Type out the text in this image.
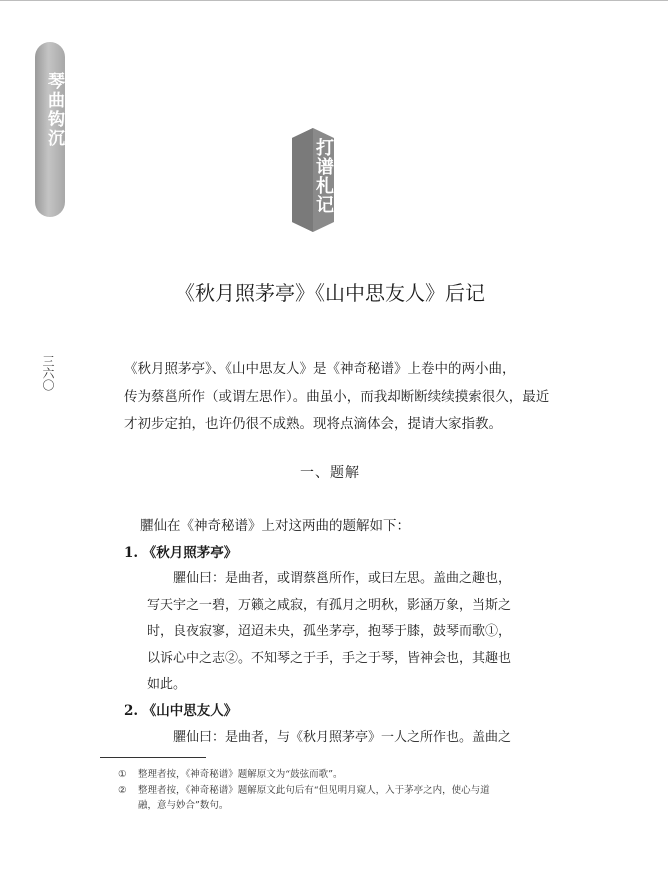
琴曲钩沉
打谱札记
三六〇
《秋月照茅亭》《山中思友人》后记

《秋月照茅亭》、《山中思友人》是《神奇秘谱》上卷中的两小曲，
传为蔡邕所作（或谓左思作）。曲虽小，而我却断断续续摸索很久，最近
才初步定拍，也许仍很不成熟。现将点滴体会，提请大家指教。

一、题解
臞仙在《神奇秘谱》上对这两曲的题解如下：
1. 《秋月照茅亭》

臞仙曰：是曲者，或谓蔡邕所作，或曰左思。盖曲之趣也，
写天宇之一碧，万籁之咸寂，有孤月之明秋，影涵万象，当斯之
时，良夜寂寥，迢迢未央，孤坐茅亭，抱琴于膝，鼓琴而歌①，
以诉心中之志②。不知琴之于手，手之于琴，皆神会也，其趣也
如此。

2. 《山中思友人》

臞仙曰：是曲者，与《秋月照茅亭》一人之所作也。盖曲之

① 整理者按，《神奇秘谱》题解原文为“鼓弦而歌”。
② 整理者按，《神奇秘谱》题解原文此句后有“但见明月窥人，入于茅亭之内，使心与道
融，意与妙合”数句。
